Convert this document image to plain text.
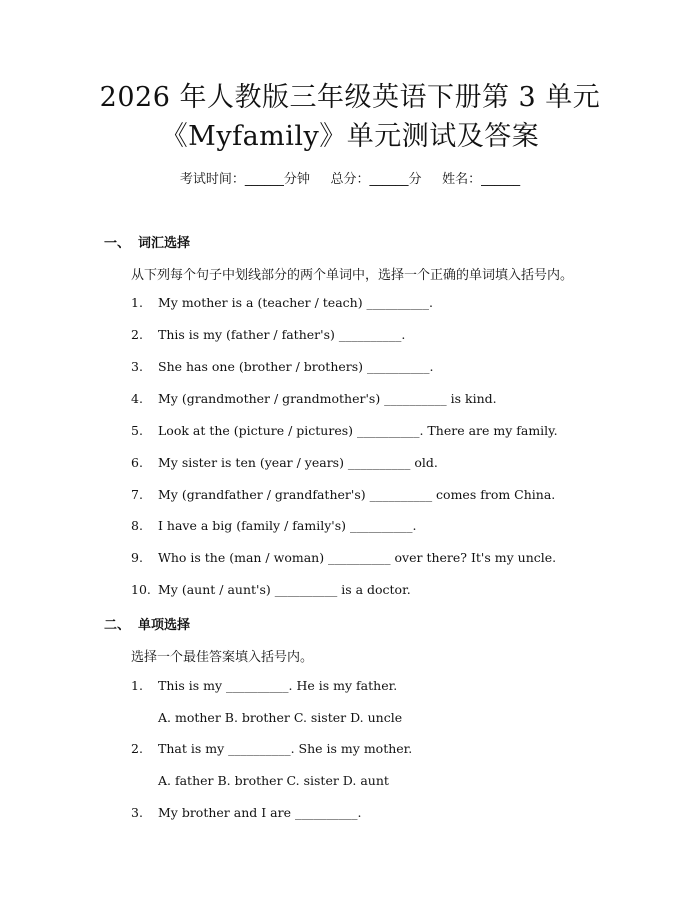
2026 年人教版三年级英语下册第 3 单元
《Myfamily》单元测试及答案
考试时间：______分钟     总分：______分     姓名：______
一、 词汇选择
从下列每个句子中划线部分的两个单词中，选择一个正确的单词填入括号内。
1. My mother is a (teacher / teach) __________.
2. This is my (father / father's) __________.
3. She has one (brother / brothers) __________.
4. My (grandmother / grandmother's) __________ is kind.
5. Look at the (picture / pictures) __________. There are my family.
6. My sister is ten (year / years) __________ old.
7. My (grandfather / grandfather's) __________ comes from China.
8. I have a big (family / family's) __________.
9. Who is the (man / woman) __________ over there? It's my uncle.
10. My (aunt / aunt's) __________ is a doctor.
二、 单项选择
选择一个最佳答案填入括号内。
1. This is my __________. He is my father.
A. mother B. brother C. sister D. uncle
2. That is my __________. She is my mother.
A. father B. brother C. sister D. aunt
3. My brother and I are __________.
